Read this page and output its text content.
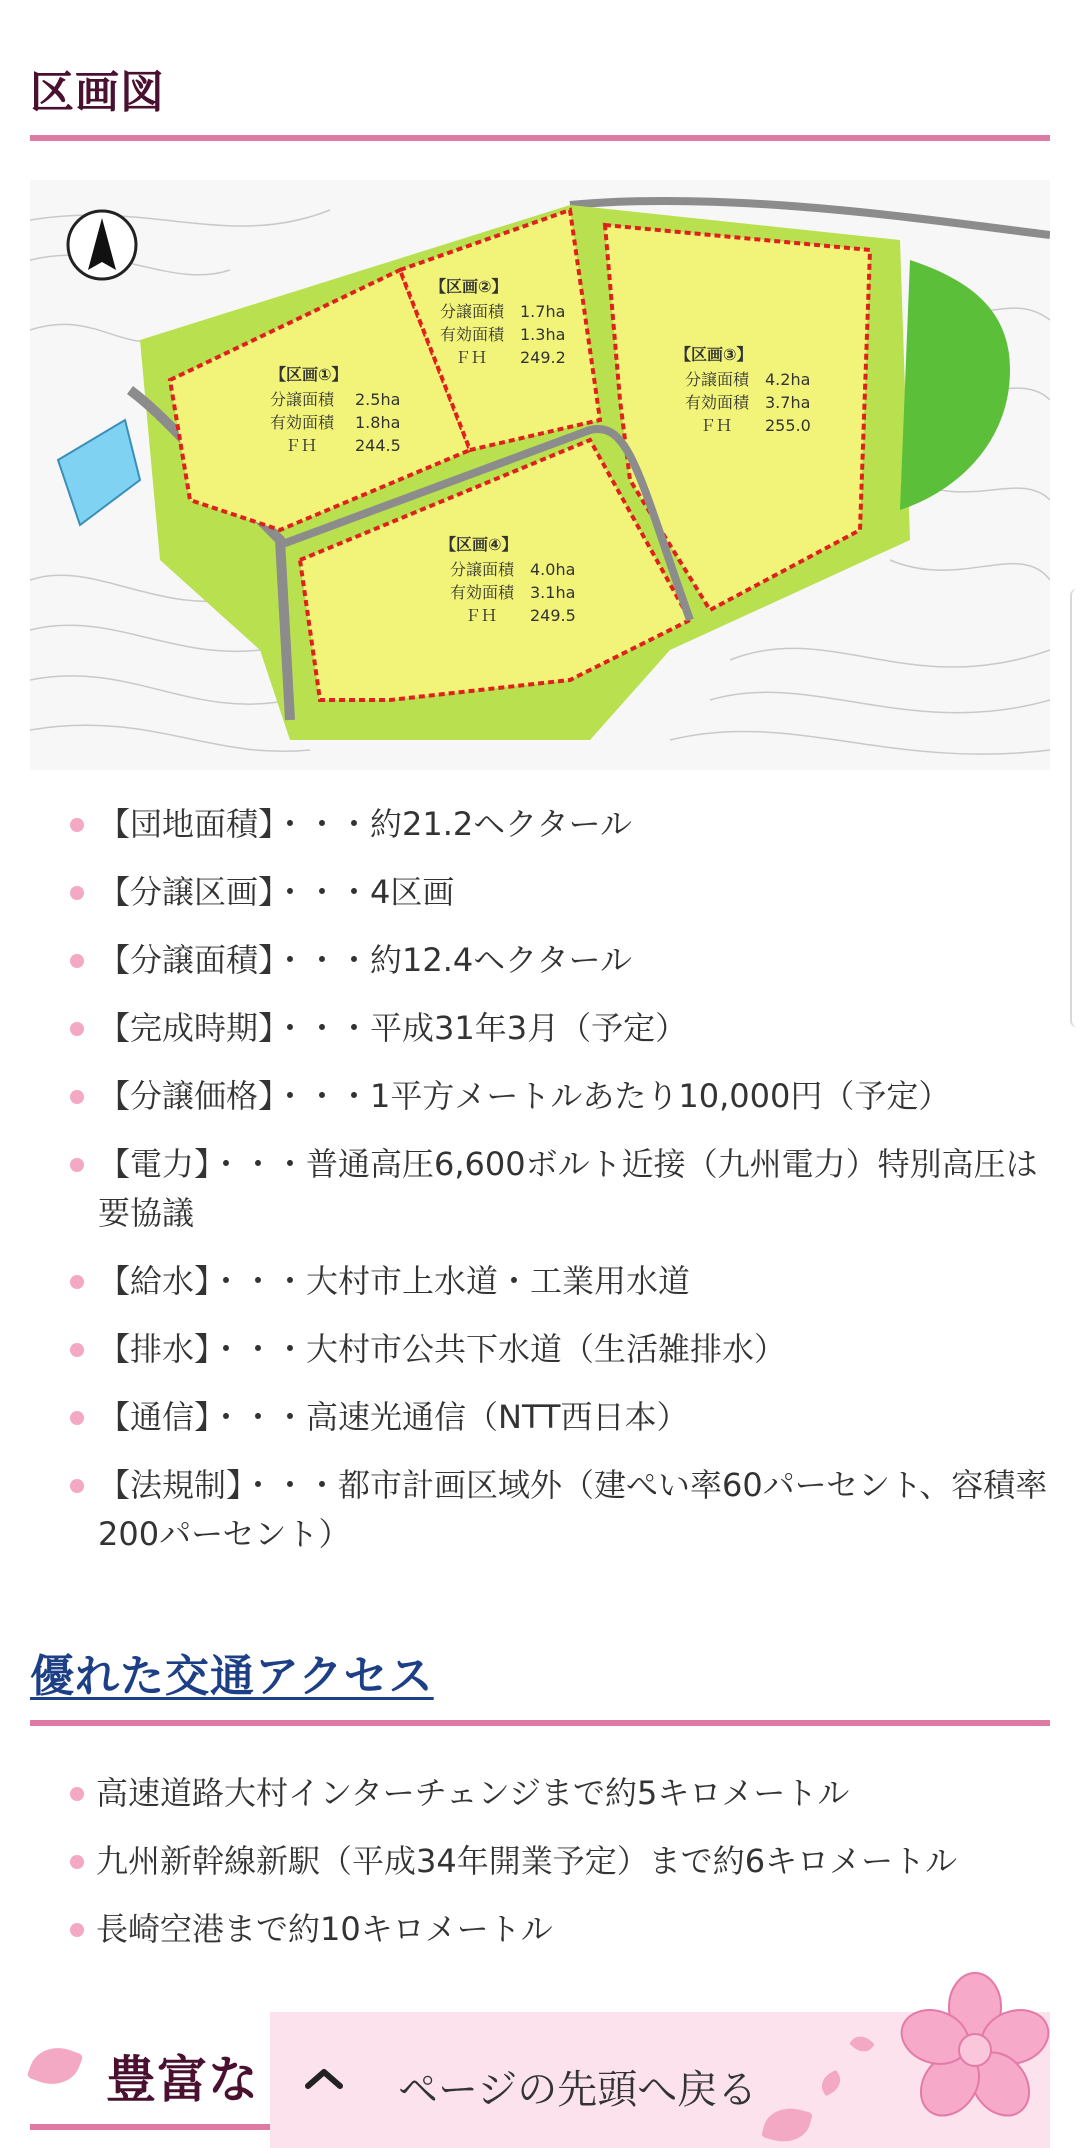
区画図
【区画①】
分譲面積 2.5ha
有効面積 1.8ha
ＦＨ 244.5
【区画②】
分譲面積 1.7ha
有効面積 1.3ha
ＦＨ 249.2	【区画③】
分譲面積 4.2ha
有効面積 3.7ha
ＦＨ 255.0
【区画④】
分譲面積 4.0ha
有効面積 3.1ha
ＦＨ 249.5
【団地面積】・・・約21.2ヘクタール
【分譲区画】・・・4区画
【分譲面積】・・・約12.4ヘクタール
【完成時期】・・・平成31年3月（予定）
【分譲価格】・・・1平方メートルあたり10,000円（予定）
【電力】・・・普通高圧6,600ボルト近接（九州電力）特別高圧は要協議
【給水】・・・大村市上水道・工業用水道
【排水】・・・大村市公共下水道（生活雑排水）
【通信】・・・高速光通信（NTT西日本）
【法規制】・・・都市計画区域外（建ぺい率60パーセント、容積率200パーセント）
優れた交通アクセス
高速道路大村インターチェンジまで約5キロメートル
九州新幹線新駅（平成34年開業予定）まで約6キロメートル
長崎空港まで約10キロメートル
豊富な	ページの先頭へ戻る
